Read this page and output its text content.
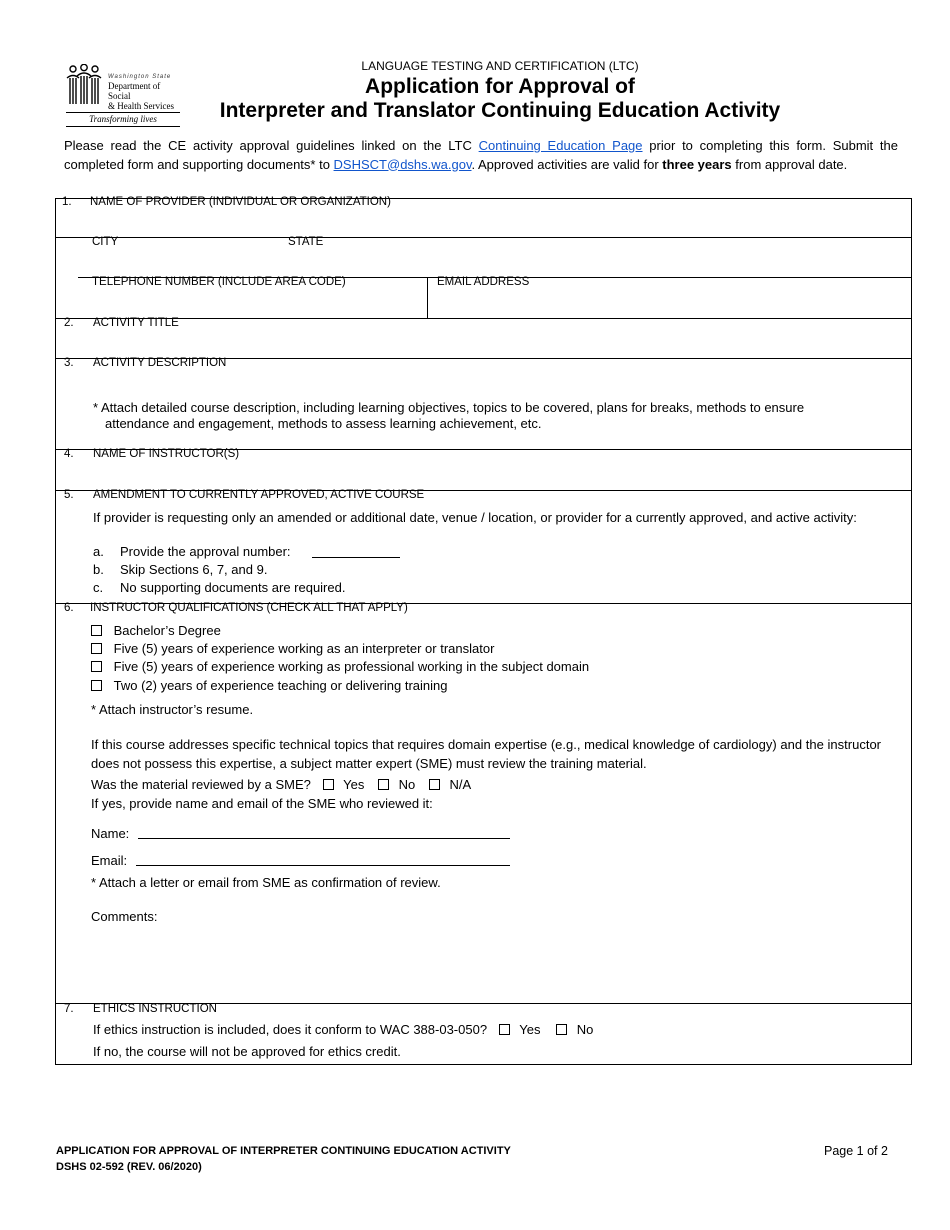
Washington State
Department of Social
& Health Services
Transforming lives
LANGUAGE TESTING AND CERTIFICATION (LTC)
Application for Approval of
Interpreter and Translator Continuing Education Activity
Please read the CE activity approval guidelines linked on the LTC Continuing Education Page prior to completing this form. Submit the completed form and supporting documents* to DSHSCT@dshs.wa.gov. Approved activities are valid for three years from approval date.
1. NAME OF PROVIDER (INDIVIDUAL OR ORGANIZATION)
CITY	STATE
TELEPHONE NUMBER (INCLUDE AREA CODE)	EMAIL ADDRESS
2. ACTIVITY TITLE
3. ACTIVITY DESCRIPTION
* Attach detailed course description, including learning objectives, topics to be covered, plans for breaks, methods to ensure
attendance and engagement, methods to assess learning achievement, etc.
4. NAME OF INSTRUCTOR(S)
5. AMENDMENT TO CURRENTLY APPROVED, ACTIVE COURSE
If provider is requesting only an amended or additional date, venue / location, or provider for a currently approved, and active activity:
a. Provide the approval number:
b. Skip Sections 6, 7, and 9.
c. No supporting documents are required.
6. INSTRUCTOR QUALIFICATIONS (CHECK ALL THAT APPLY)
Bachelor’s Degree
Five (5) years of experience working as an interpreter or translator
Five (5) years of experience working as professional working in the subject domain
Two (2) years of experience teaching or delivering training
* Attach instructor’s resume.
If this course addresses specific technical topics that requires domain expertise (e.g., medical knowledge of cardiology) and the instructor does not possess this expertise, a subject matter expert (SME) must review the training material.
Was the material reviewed by a SME? Yes	No	N/A
If yes, provide name and email of the SME who reviewed it:
Name:
Email:
* Attach a letter or email from SME as confirmation of review.
Comments:
7. ETHICS INSTRUCTION
If ethics instruction is included, does it conform to WAC 388-03-050? Yes	No
If no, the course will not be approved for ethics credit.
APPLICATION FOR APPROVAL OF INTERPRETER CONTINUING EDUCATION ACTIVITY
DSHS 02-592 (REV. 06/2020)
Page 1 of 2
